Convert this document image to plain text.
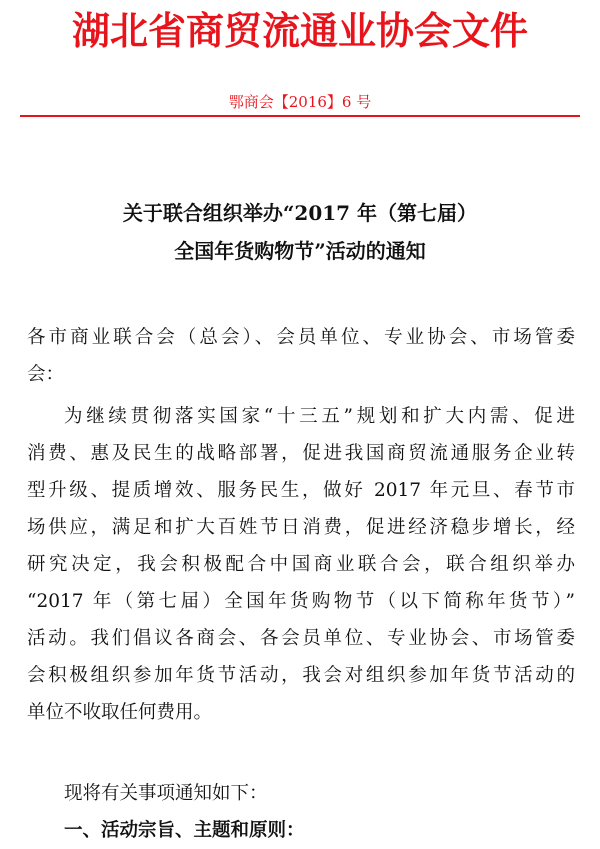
湖北省商贸流通业协会文件
鄂商会【2016】6 号
关于联合组织举办“2017 年（第七届）
全国年货购物节”活动的通知
各市商业联合会（总会）、会员单位、专业协会、市场管委
会：
为继续贯彻落实国家“十三五”规划和扩大内需、促进
消费、惠及民生的战略部署，促进我国商贸流通服务企业转
型升级、提质增效、服务民生，做好 2017 年元旦、春节市
场供应，满足和扩大百姓节日消费，促进经济稳步增长，经
研究决定，我会积极配合中国商业联合会，联合组织举办
“2017 年（第七届）全国年货购物节（以下简称年货节）”
活动。我们倡议各商会、各会员单位、专业协会、市场管委
会积极组织参加年货节活动，我会对组织参加年货节活动的
单位不收取任何费用。
现将有关事项通知如下：
一、活动宗旨、主题和原则：
